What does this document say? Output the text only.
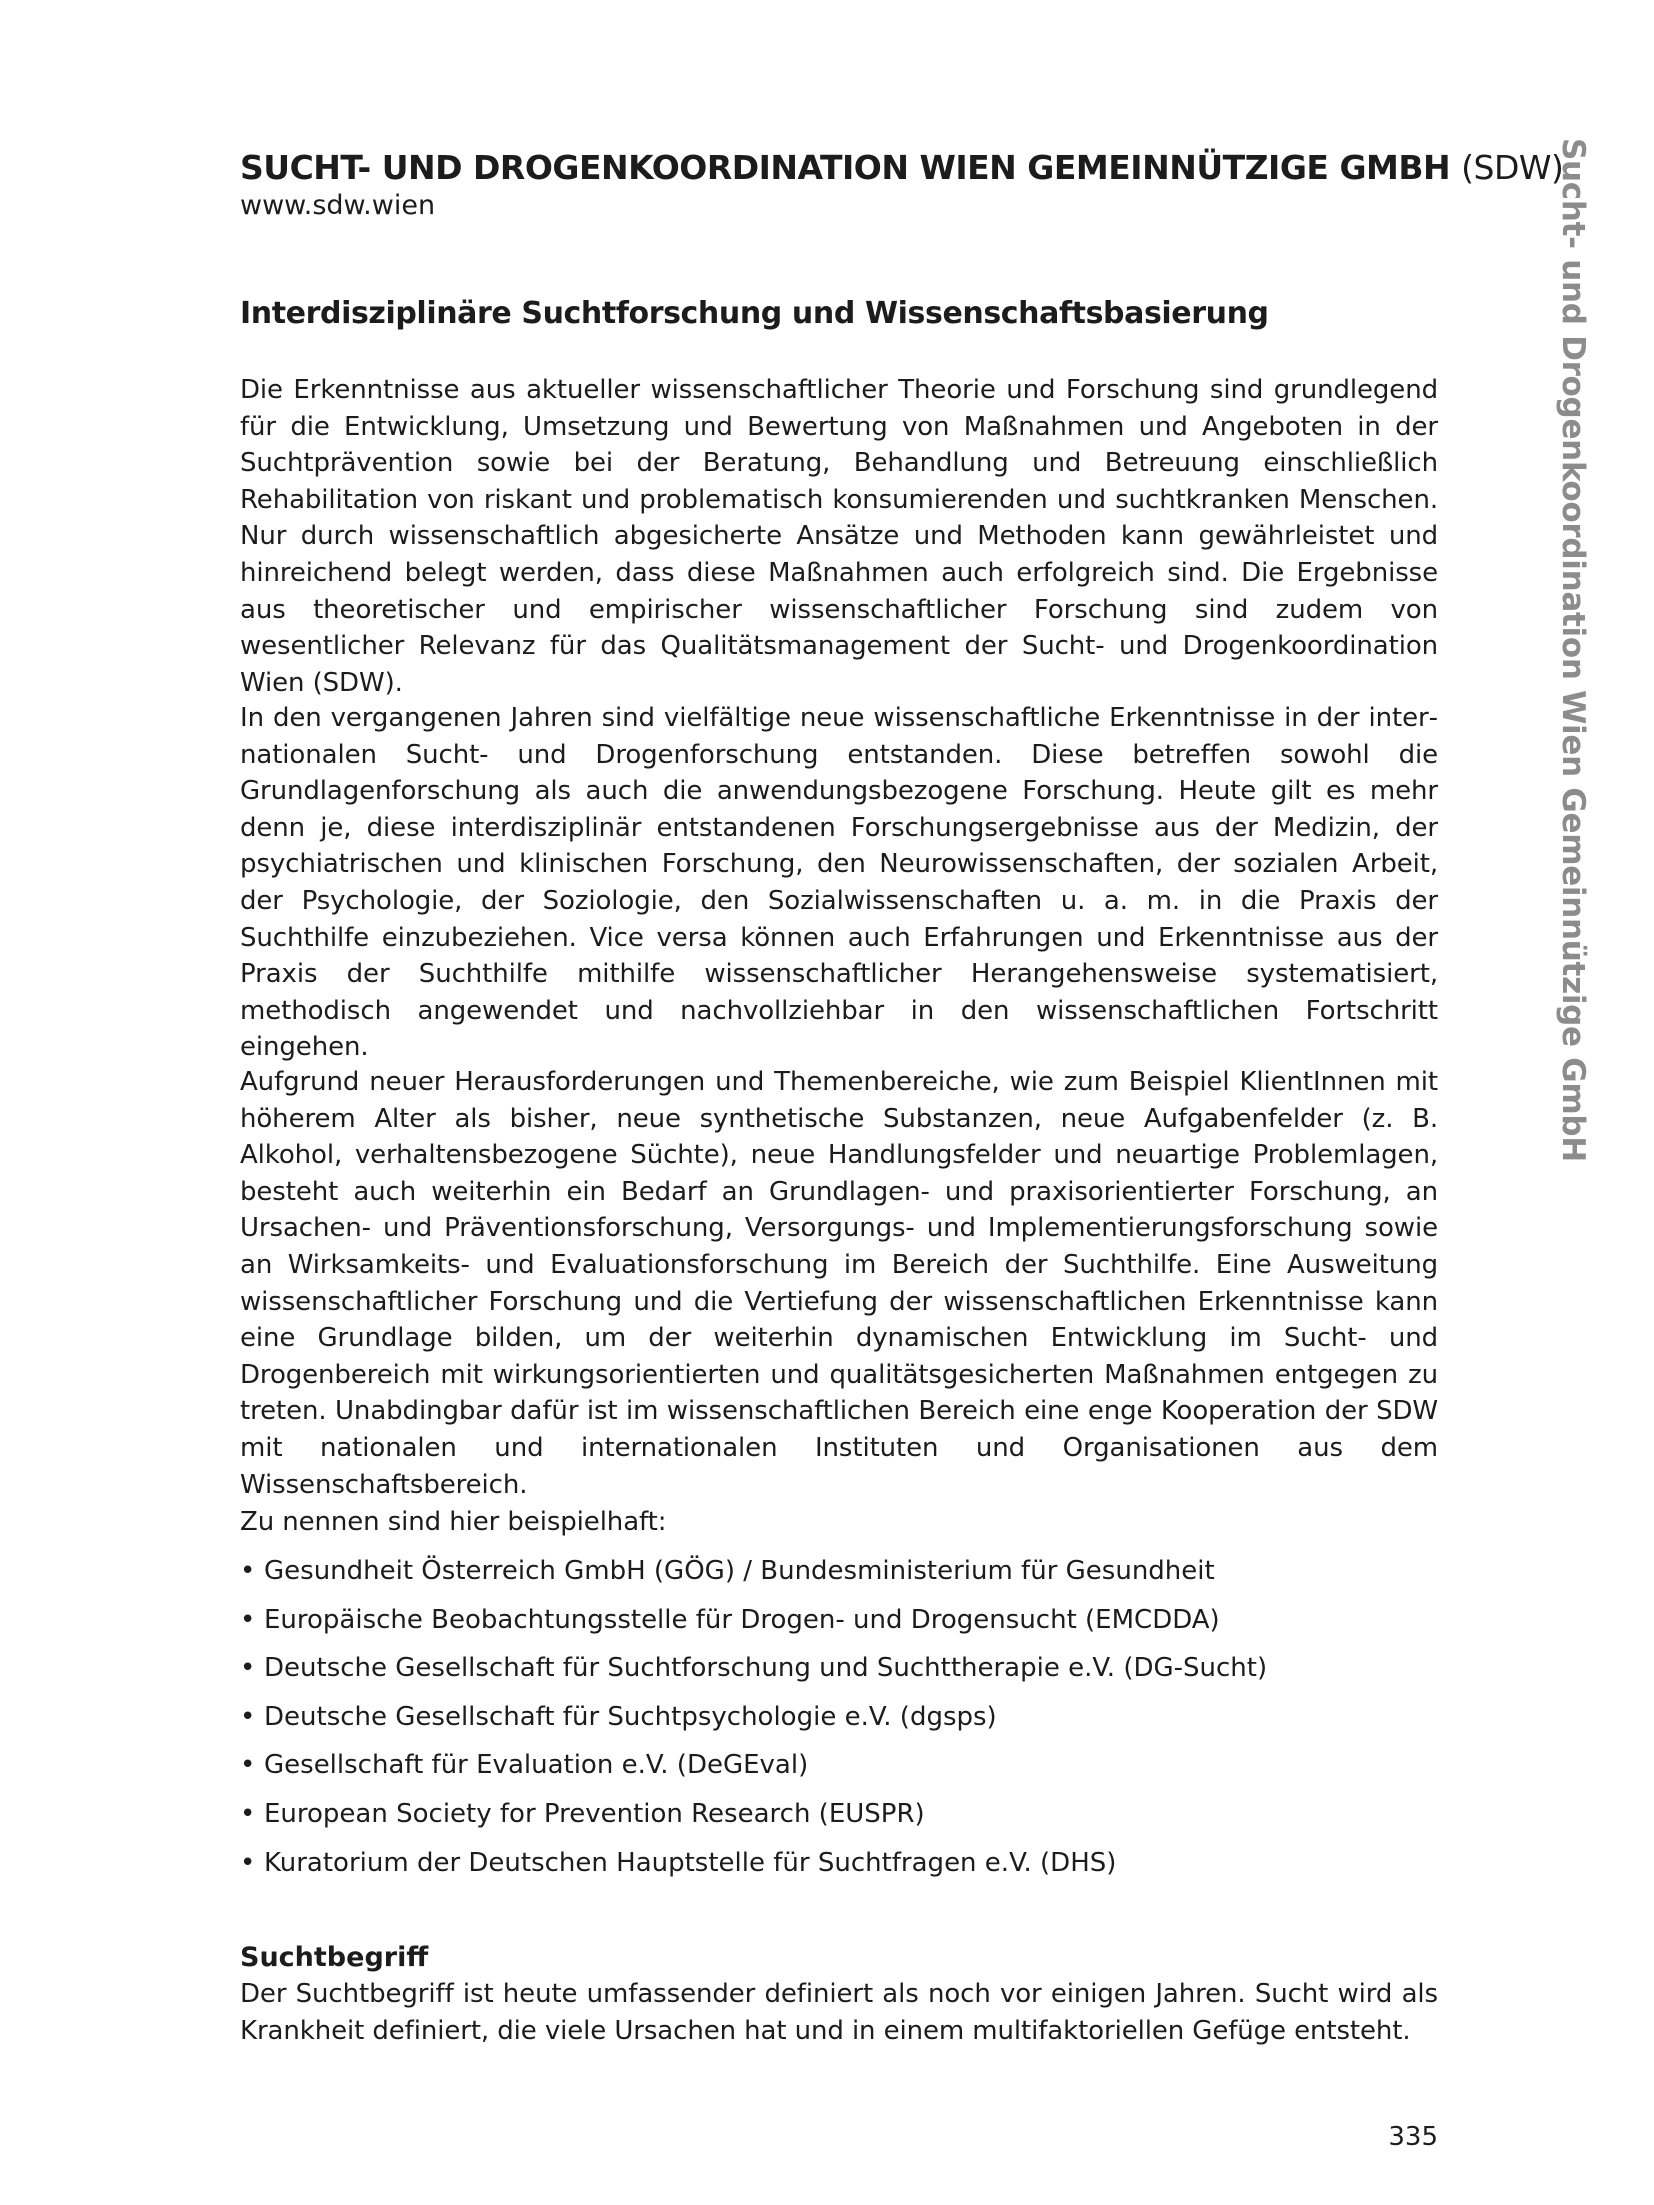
SUCHT- UND DROGENKOORDINATION WIEN GEMEINNÜTZIGE GMBH (SDW)

www.sdw.wien

Interdisziplinäre Suchtforschung und Wissenschaftsbasierung

Die Erkenntnisse aus aktueller wissenschaftlicher Theorie und Forschung sind grundlegend für die Entwicklung, Umsetzung und Bewertung von Maßnahmen und Angeboten in der Suchtprävention sowie bei der Beratung, Behandlung und Betreuung einschließlich Rehabilitation von riskant und problematisch konsumierenden und suchtkranken Menschen. Nur durch wissenschaftlich abgesicherte Ansätze und Methoden kann gewährleistet und hinreichend belegt werden, dass diese Maßnahmen auch erfolgreich sind. Die Ergebnisse aus theoretischer und empirischer wissenschaftlicher Forschung sind zudem von wesentlicher Relevanz für das Qualitätsmanagement der Sucht- und Drogenkoordination Wien (SDW).

In den vergangenen Jahren sind vielfältige neue wissenschaftliche Erkenntnisse in der internationalen Sucht- und Drogenforschung entstanden. Diese betreffen sowohl die Grundlagenforschung als auch die anwendungsbezogene Forschung. Heute gilt es mehr denn je, diese interdisziplinär entstandenen Forschungsergebnisse aus der Medizin, der psychiatrischen und klinischen Forschung, den Neurowissenschaften, der sozialen Arbeit, der Psychologie, der Soziologie, den Sozialwissenschaften u. a. m. in die Praxis der Suchthilfe einzubeziehen. Vice versa können auch Erfahrungen und Erkenntnisse aus der Praxis der Suchthilfe mithilfe wissenschaftlicher Herangehensweise systematisiert, methodisch angewendet und nachvollziehbar in den wissenschaftlichen Fortschritt eingehen.

Aufgrund neuer Herausforderungen und Themenbereiche, wie zum Beispiel KlientInnen mit höherem Alter als bisher, neue synthetische Substanzen, neue Aufgabenfelder (z. B. Alkohol, verhaltensbezogene Süchte), neue Handlungsfelder und neuartige Problemlagen, besteht auch weiterhin ein Bedarf an Grundlagen- und praxisorientierter Forschung, an Ursachen- und Präventionsforschung, Versorgungs- und Implementierungsforschung sowie an Wirksamkeits- und Evaluationsforschung im Bereich der Suchthilfe. Eine Ausweitung wissenschaftlicher Forschung und die Vertiefung der wissenschaftlichen Erkenntnisse kann eine Grundlage bilden, um der weiterhin dynamischen Entwicklung im Sucht- und Drogenbereich mit wirkungsorientierten und qualitätsgesicherten Maßnahmen entgegen zu treten. Unabdingbar dafür ist im wissenschaftlichen Bereich eine enge Kooperation der SDW mit nationalen und internationalen Instituten und Organisationen aus dem Wissenschaftsbereich.

Zu nennen sind hier beispielhaft:

• Gesundheit Österreich GmbH (GÖG) / Bundesministerium für Gesundheit
• Europäische Beobachtungsstelle für Drogen- und Drogensucht (EMCDDA)
• Deutsche Gesellschaft für Suchtforschung und Suchttherapie e.V. (DG-Sucht)
• Deutsche Gesellschaft für Suchtpsychologie e.V. (dgsps)
• Gesellschaft für Evaluation e.V. (DeGEval)
• European Society for Prevention Research (EUSPR)
• Kuratorium der Deutschen Hauptstelle für Suchtfragen e.V. (DHS)
Suchtbegriff

Der Suchtbegriff ist heute umfassender definiert als noch vor einigen Jahren. Sucht wird als Krankheit definiert, die viele Ursachen hat und in einem multifaktoriellen Gefüge entsteht.

335
Sucht- und Drogenkoordination Wien Gemeinnützige GmbH
